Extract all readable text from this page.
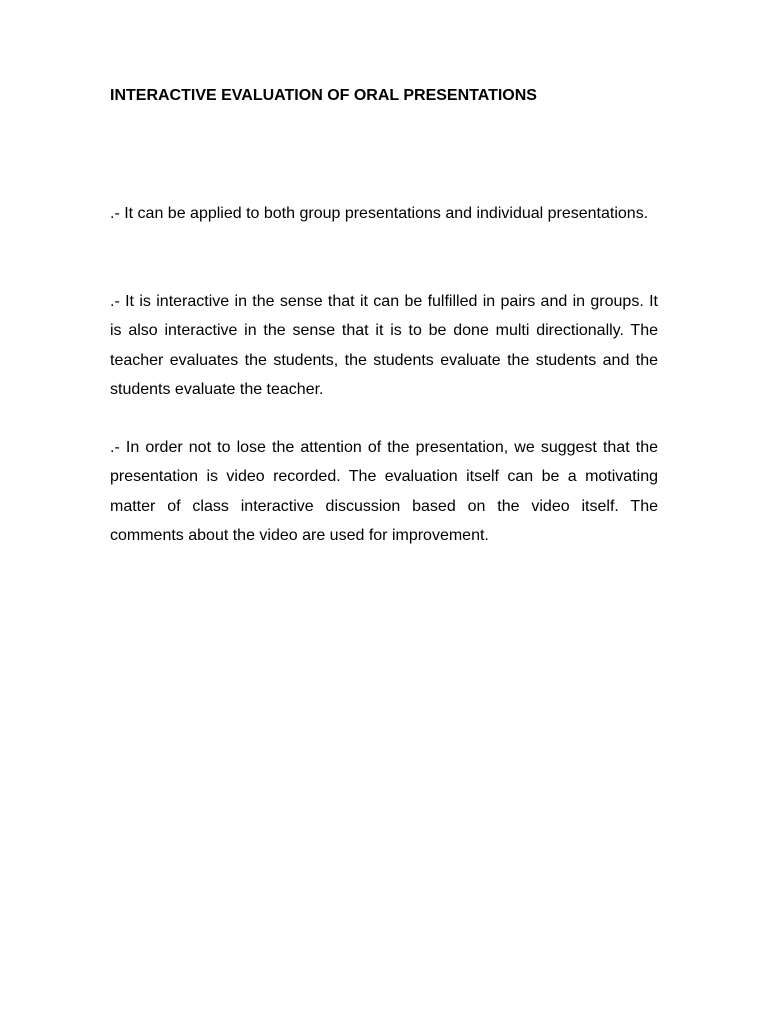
INTERACTIVE EVALUATION OF ORAL PRESENTATIONS

.- It can be applied to both group presentations and individual presentations.

.- It is interactive in the sense that it can be fulfilled in pairs and in groups. It is also interactive in the sense that it is to be done multi directionally. The teacher evaluates the students, the students evaluate the students and the students evaluate the teacher.

.- In order not to lose the attention of the presentation, we suggest that the presentation is video recorded. The evaluation itself can be a motivating matter of class interactive discussion based on the video itself. The comments about the video are used for improvement.
